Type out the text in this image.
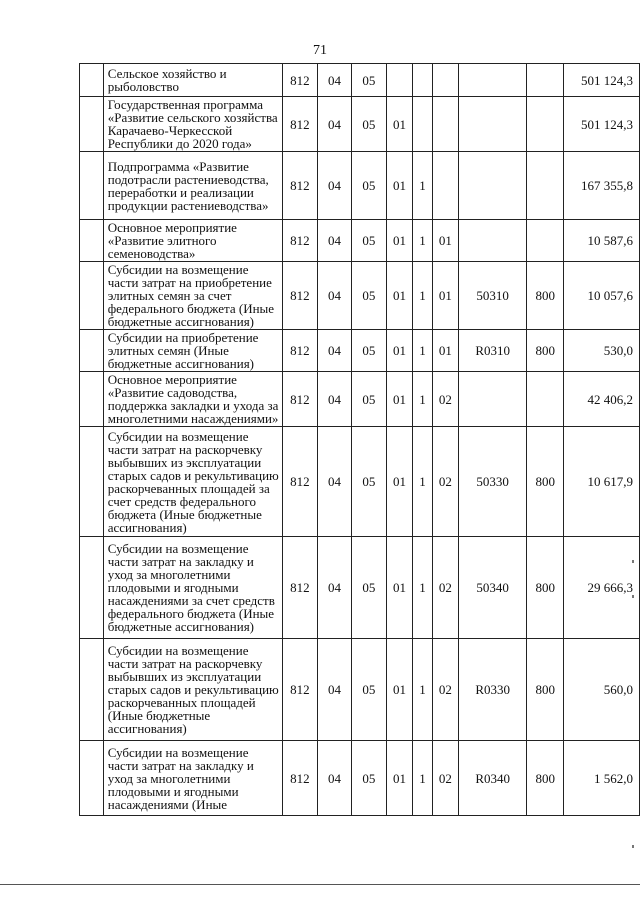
71
	Сельское хозяйство и рыболовство	812	04	05						501 124,3
	Государственная программа «Развитие сельского хозяйства Карачаево-Черкесской Республики до 2020 года»	812	04	05	01					501 124,3
	Подпрограмма «Развитие подотрасли растениеводства, переработки и реализации продукции растениеводства»	812	04	05	01	1				167 355,8
	Основное мероприятие «Развитие элитного семеноводства»	812	04	05	01	1	01			10 587,6
	Субсидии на возмещение части затрат на приобретение элитных семян за счет федерального бюджета (Иные бюджетные ассигнования)	812	04	05	01	1	01	50310	800	10 057,6
	Субсидии на приобретение элитных семян (Иные бюджетные ассигнования)	812	04	05	01	1	01	R0310	800	530,0
	Основное мероприятие «Развитие садоводства, поддержка закладки и ухода за многолетними насаждениями»	812	04	05	01	1	02			42 406,2
	Субсидии на возмещение части затрат на раскорчевку выбывших из эксплуатации старых садов и рекультивацию раскорчеванных площадей за счет средств федерального бюджета (Иные бюджетные ассигнования)	812	04	05	01	1	02	50330	800	10 617,9
	Субсидии на возмещение части затрат на закладку и уход за многолетними плодовыми и ягодными насаждениями за счет средств федерального бюджета (Иные бюджетные ассигнования)	812	04	05	01	1	02	50340	800	29 666,3
	Субсидии на возмещение части затрат на раскорчевку выбывших из эксплуатации старых садов и рекультивацию раскорчеванных площадей (Иные бюджетные ассигнования)	812	04	05	01	1	02	R0330	800	560,0
	Субсидии на возмещение части затрат на закладку и уход за многолетними плодовыми и ягодными насаждениями (Иные	812	04	05	01	1	02	R0340	800	1 562,0
